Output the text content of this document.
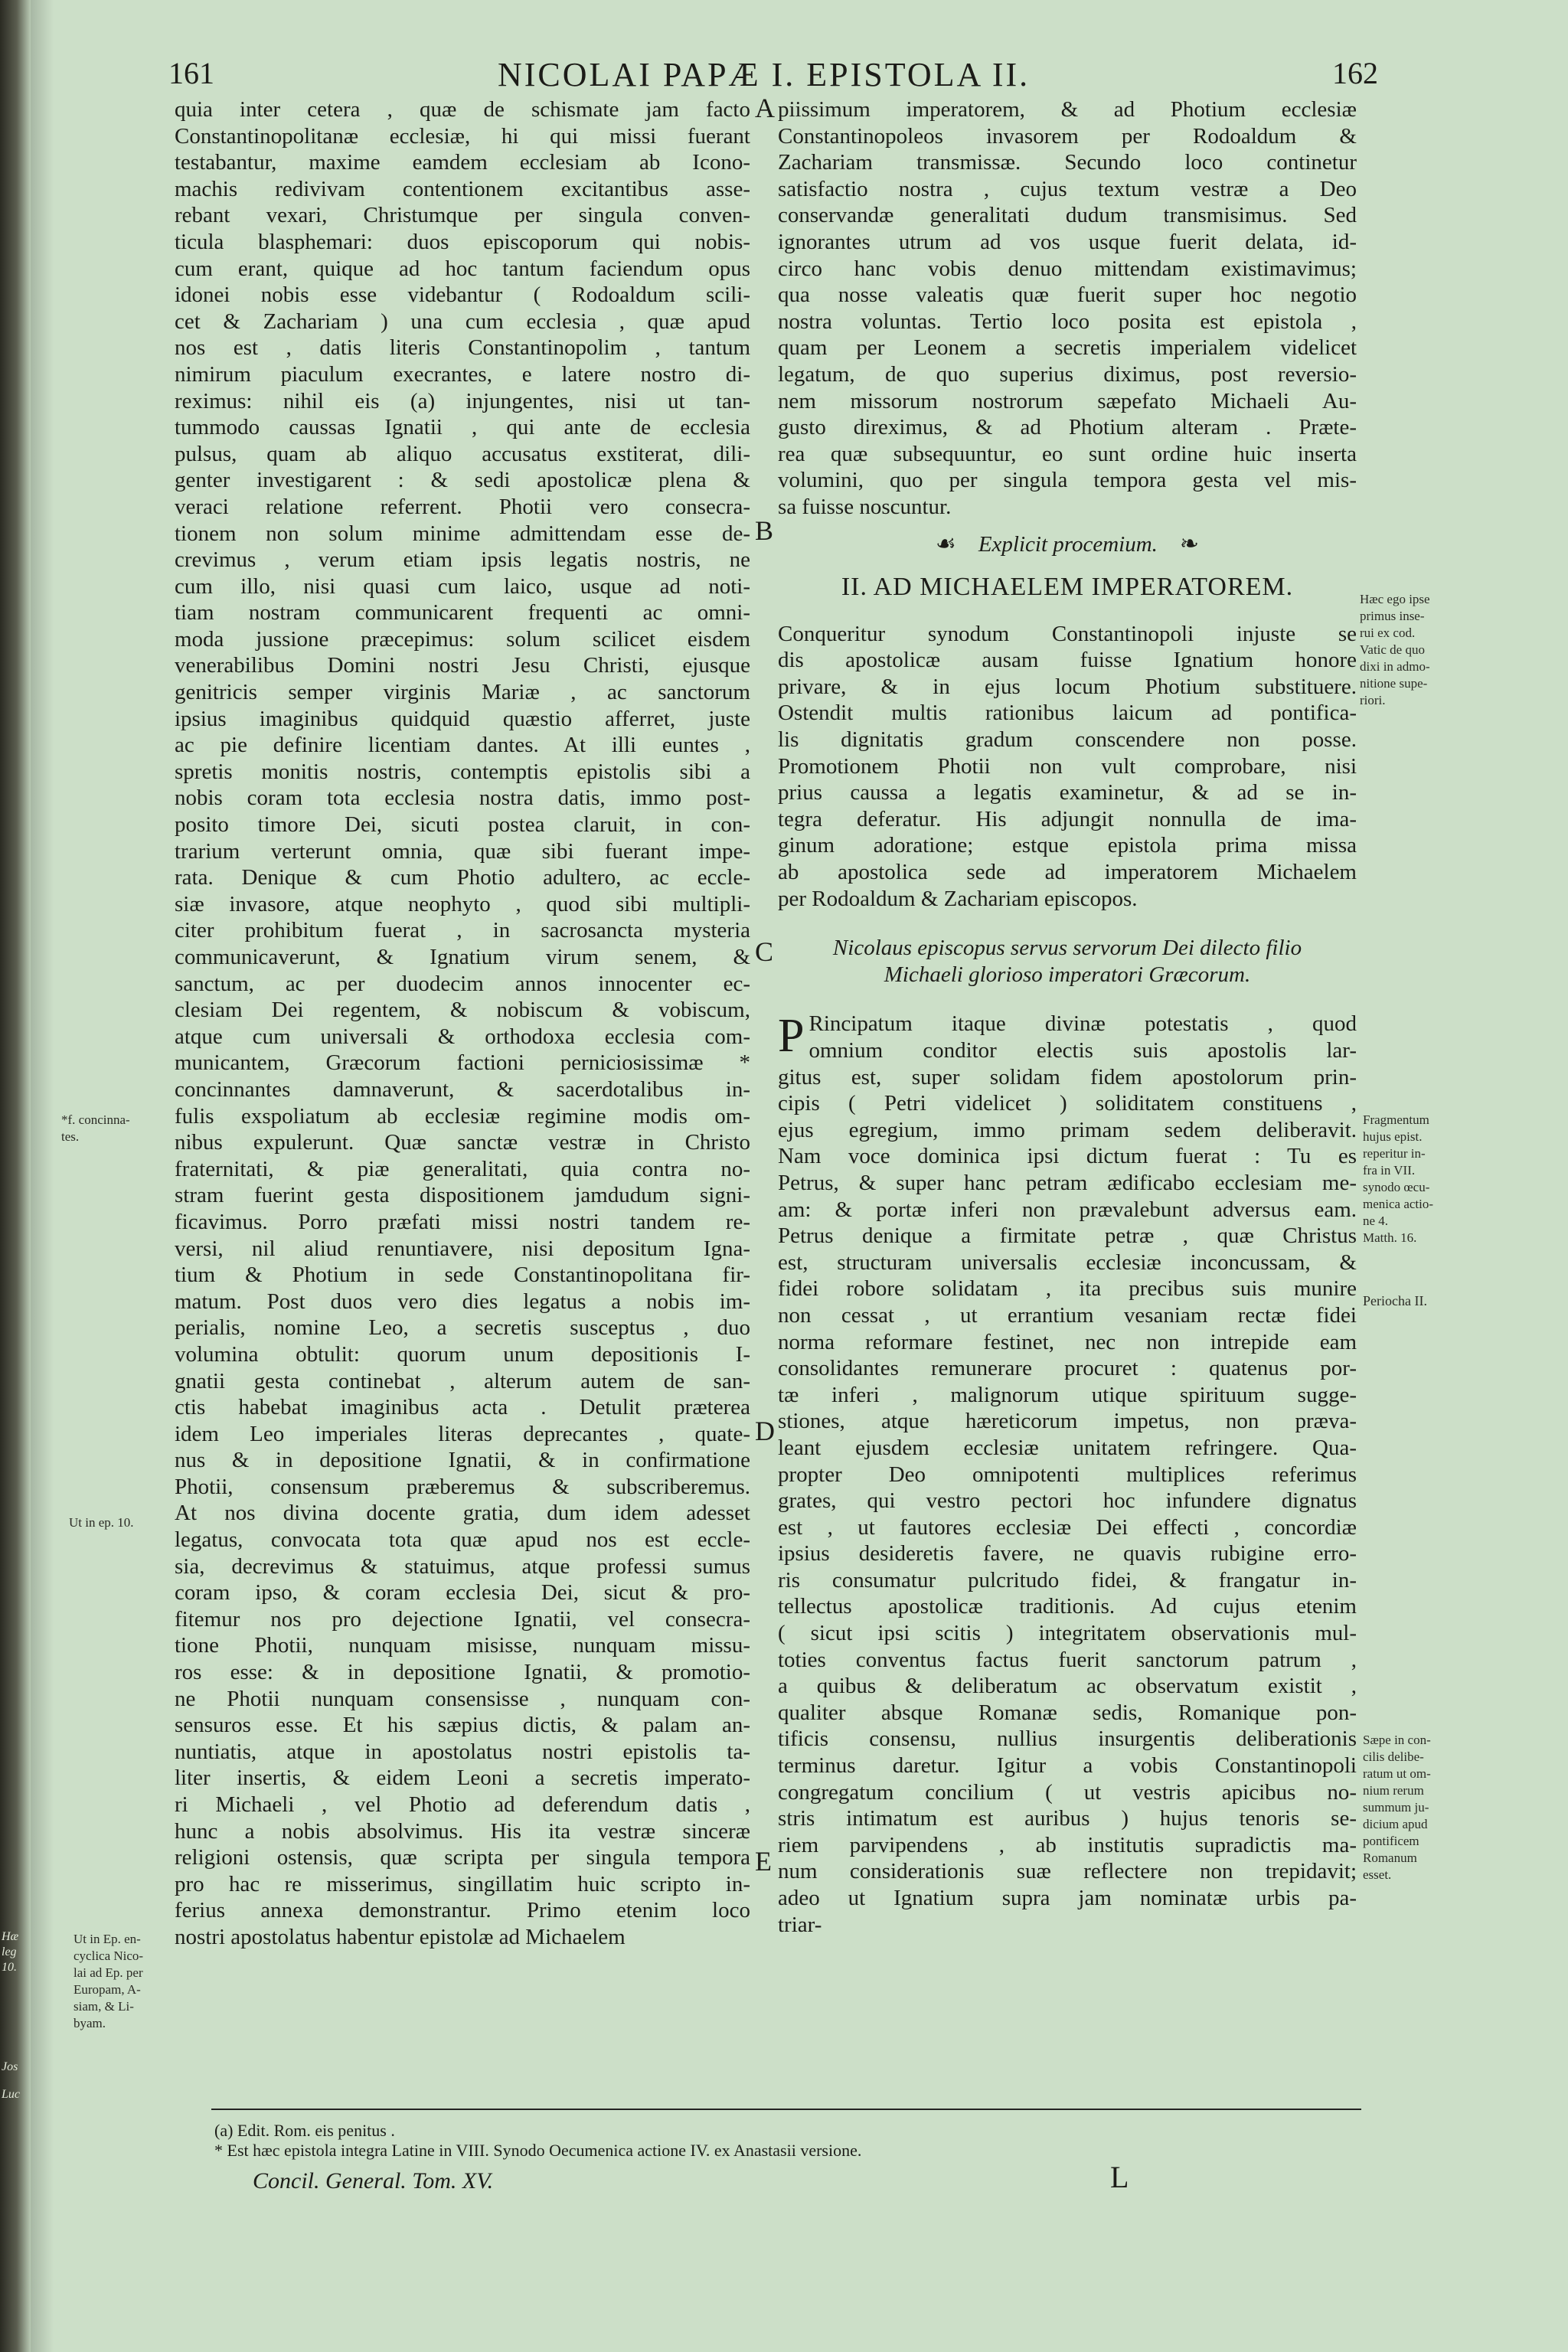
Hæ leg 10.
Jos
Luc
161	NICOLAI PAPÆ I. EPISTOLA II.	162
quia inter cetera , quæ de schismate jam facto
Constantinopolitanæ ecclesiæ, hi qui missi fuerant
testabantur, maxime eamdem ecclesiam ab Icono-
machis redivivam contentionem excitantibus asse-
rebant vexari, Christumque per singula conven-
ticula blasphemari: duos episcoporum qui nobis-
cum erant, quique ad hoc tantum faciendum opus
idonei nobis esse videbantur ( Rodoaldum scili-
cet & Zachariam ) una cum ecclesia , quæ apud
nos est , datis literis Constantinopolim , tantum
nimirum piaculum execrantes, e latere nostro di-
reximus: nihil eis (a) injungentes, nisi ut tan-
tummodo caussas Ignatii , qui ante de ecclesia
pulsus, quam ab aliquo accusatus exstiterat, dili-
genter investigarent : & sedi apostolicæ plena &
veraci relatione referrent. Photii vero consecra-
tionem non solum minime admittendam esse de-
crevimus , verum etiam ipsis legatis nostris, ne
cum illo, nisi quasi cum laico, usque ad noti-
tiam nostram communicarent frequenti ac omni-
moda jussione præcepimus: solum scilicet eisdem
venerabilibus Domini nostri Jesu Christi, ejusque
genitricis semper virginis Mariæ , ac sanctorum
ipsius imaginibus quidquid quæstio afferret, juste
ac pie definire licentiam dantes. At illi euntes ,
spretis monitis nostris, contemptis epistolis sibi a
nobis coram tota ecclesia nostra datis, immo post-
posito timore Dei, sicuti postea claruit, in con-
trarium verterunt omnia, quæ sibi fuerant impe-
rata. Denique & cum Photio adultero, ac eccle-
siæ invasore, atque neophyto , quod sibi multipli-
citer prohibitum fuerat , in sacrosancta mysteria
communicaverunt, & Ignatium virum senem, &
sanctum, ac per duodecim annos innocenter ec-
clesiam Dei regentem, & nobiscum & vobiscum,
atque cum universali & orthodoxa ecclesia com-
municantem, Græcorum factioni perniciosissimæ *
concinnantes damnaverunt, & sacerdotalibus in-
fulis exspoliatum ab ecclesiæ regimine modis om-
nibus expulerunt. Quæ sanctæ vestræ in Christo
fraternitati, & piæ generalitati, quia contra no-
stram fuerint gesta dispositionem jamdudum signi-
ficavimus. Porro præfati missi nostri tandem re-
versi, nil aliud renuntiavere, nisi depositum Igna-
tium & Photium in sede Constantinopolitana fir-
matum. Post duos vero dies legatus a nobis im-
perialis, nomine Leo, a secretis susceptus , duo
volumina obtulit: quorum unum depositionis I-
gnatii gesta continebat , alterum autem de san-
ctis habebat imaginibus acta . Detulit præterea
idem Leo imperiales literas deprecantes , quate-
nus & in depositione Ignatii, & in confirmatione
Photii, consensum præberemus & subscriberemus.
At nos divina docente gratia, dum idem adesset
legatus, convocata tota quæ apud nos est eccle-
sia, decrevimus & statuimus, atque professi sumus
coram ipso, & coram ecclesia Dei, sicut & pro-
fitemur nos pro dejectione Ignatii, vel consecra-
tione Photii, nunquam misisse, nunquam missu-
ros esse: & in depositione Ignatii, & promotio-
ne Photii nunquam consensisse , nunquam con-
sensuros esse. Et his sæpius dictis, & palam an-
nuntiatis, atque in apostolatus nostri epistolis ta-
liter insertis, & eidem Leoni a secretis imperato-
ri Michaeli , vel Photio ad deferendum datis ,
hunc a nobis absolvimus. His ita vestræ sinceræ
religioni ostensis, quæ scripta per singula tempora
pro hac re misserimus, singillatim huic scripto in-
ferius annexa demonstrantur. Primo etenim loco
nostri apostolatus habentur epistolæ ad Michaelem
piissimum imperatorem, & ad Photium ecclesiæ
Constantinopoleos invasorem per Rodoaldum &
Zachariam transmissæ. Secundo loco continetur
satisfactio nostra , cujus textum vestræ a Deo
conservandæ generalitati dudum transmisimus. Sed
ignorantes utrum ad vos usque fuerit delata, id-
circo hanc vobis denuo mittendam existimavimus;
qua nosse valeatis quæ fuerit super hoc negotio
nostra voluntas. Tertio loco posita est epistola ,
quam per Leonem a secretis imperialem videlicet
legatum, de quo superius diximus, post reversio-
nem missorum nostrorum sæpefato Michaeli Au-
gusto direximus, & ad Photium alteram . Præte-
rea quæ subsequuntur, eo sunt ordine huic inserta
volumini, quo per singula tempora gesta vel mis-
sa fuisse noscuntur.
☙ Explicit procemium. ❧
II. AD MICHAELEM IMPERATOREM.
Conqueritur synodum Constantinopoli injuste se
dis apostolicæ ausam fuisse Ignatium honore
privare, & in ejus locum Photium substituere.
Ostendit multis rationibus laicum ad pontifica-
lis dignitatis gradum conscendere non posse.
Promotionem Photii non vult comprobare, nisi
prius caussa a legatis examinetur, & ad se in-
tegra deferatur. His adjungit nonnulla de ima-
ginum adoratione; estque epistola prima missa
ab apostolica sede ad imperatorem Michaelem
per Rodoaldum & Zachariam episcopos.
Nicolaus episcopus servus servorum Dei dilecto filio
Michaeli glorioso imperatori Græcorum.
P Rincipatum itaque divinæ potestatis , quod
omnium conditor electis suis apostolis lar-
gitus est, super solidam fidem apostolorum prin-
cipis ( Petri videlicet ) soliditatem constituens ,
ejus egregium, immo primam sedem deliberavit.
Nam voce dominica ipsi dictum fuerat : Tu es
Petrus, & super hanc petram ædificabo ecclesiam me-
am: & portæ inferi non prævalebunt adversus eam.
Petrus denique a firmitate petræ , quæ Christus
est, structuram universalis ecclesiæ inconcussam, &
fidei robore solidatam , ita precibus suis munire
non cessat , ut errantium vesaniam rectæ fidei
norma reformare festinet, nec non intrepide eam
consolidantes remunerare procuret : quatenus por-
tæ inferi , malignorum utique spirituum sugge-
stiones, atque hæreticorum impetus, non præva-
leant ejusdem ecclesiæ unitatem refringere. Qua-
propter Deo omnipotenti multiplices referimus
grates, qui vestro pectori hoc infundere dignatus
est , ut fautores ecclesiæ Dei effecti , concordiæ
ipsius desideretis favere, ne quavis rubigine erro-
ris consumatur pulcritudo fidei, & frangatur in-
tellectus apostolicæ traditionis. Ad cujus etenim
( sicut ipsi scitis ) integritatem observationis mul-
toties conventus factus fuerit sanctorum patrum ,
a quibus & deliberatum ac observatum existit ,
qualiter absque Romanæ sedis, Romanique pon-
tificis consensu, nullius insurgentis deliberationis
terminus daretur. Igitur a vobis Constantinopoli
congregatum concilium ( ut vestris apicibus no-
stris intimatum est auribus ) hujus tenoris se-
riem parvipendens , ab institutis supradictis ma-
num considerationis suæ reflectere non trepidavit;
adeo ut Ignatium supra jam nominatæ urbis pa-
triar-
A
B
C
D
E
*f. concinna-
tes.
Ut in ep. 10.
Ut in Ep. en-
cyclica Nico-
lai ad Ep. per
Europam, A-
siam, & Li-
byam.
Hæc ego ipse
primus inse-
rui ex cod.
Vatic de quo
dixi in admo-
nitione supe-
riori.
Fragmentum
hujus epist.
reperitur in-
fra in VII.
synodo œcu-
menica actio-
ne 4.
Matth. 16.
Periocha II.
Sæpe in con-
cilis delibe-
ratum ut om-
nium rerum
summum ju-
dicium apud
pontificem
Romanum
esset.
(a) Edit. Rom. eis penitus .
* Est hæc epistola integra Latine in VIII. Synodo Oecumenica actione IV. ex Anastasii versione.
Concil. General. Tom. XV.	L
